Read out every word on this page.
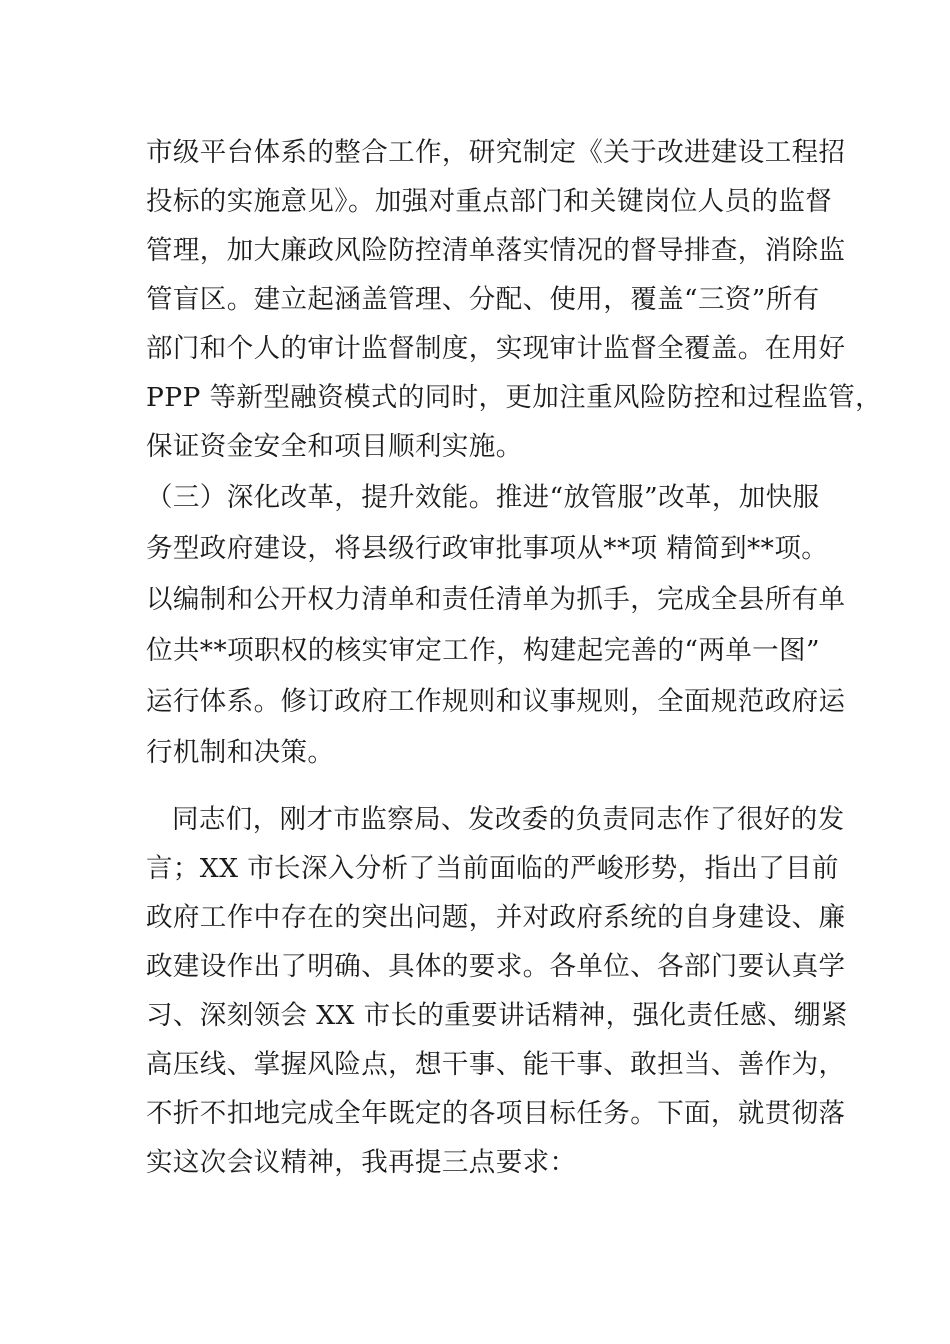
市级平台体系的整合工作，研究制定《关于改进建设工程招

投标的实施意见》。加强对重点部门和关键岗位人员的监督

管理，加大廉政风险防控清单落实情况的督导排查，消除监

管盲区。建立起涵盖管理、分配、使用，覆盖“三资”所有

部门和个人的审计监督制度，实现审计监督全覆盖。在用好

PPP 等新型融资模式的同时，更加注重风险防控和过程监管，

保证资金安全和项目顺利实施。

（三）深化改革，提升效能。推进“放管服”改革，加快服

务型政府建设，将县级行政审批事项从**项 精简到**项。

以编制和公开权力清单和责任清单为抓手，完成全县所有单

位共**项职权的核实审定工作，构建起完善的“两单一图”

运行体系。修订政府工作规则和议事规则，全面规范政府运

行机制和决策。

同志们，刚才市监察局、发改委的负责同志作了很好的发

言；XX 市长深入分析了当前面临的严峻形势，指出了目前

政府工作中存在的突出问题，并对政府系统的自身建设、廉

政建设作出了明确、具体的要求。各单位、各部门要认真学

习、深刻领会 XX 市长的重要讲话精神，强化责任感、绷紧

高压线、掌握风险点，想干事、能干事、敢担当、善作为，

不折不扣地完成全年既定的各项目标任务。下面，就贯彻落

实这次会议精神，我再提三点要求：
